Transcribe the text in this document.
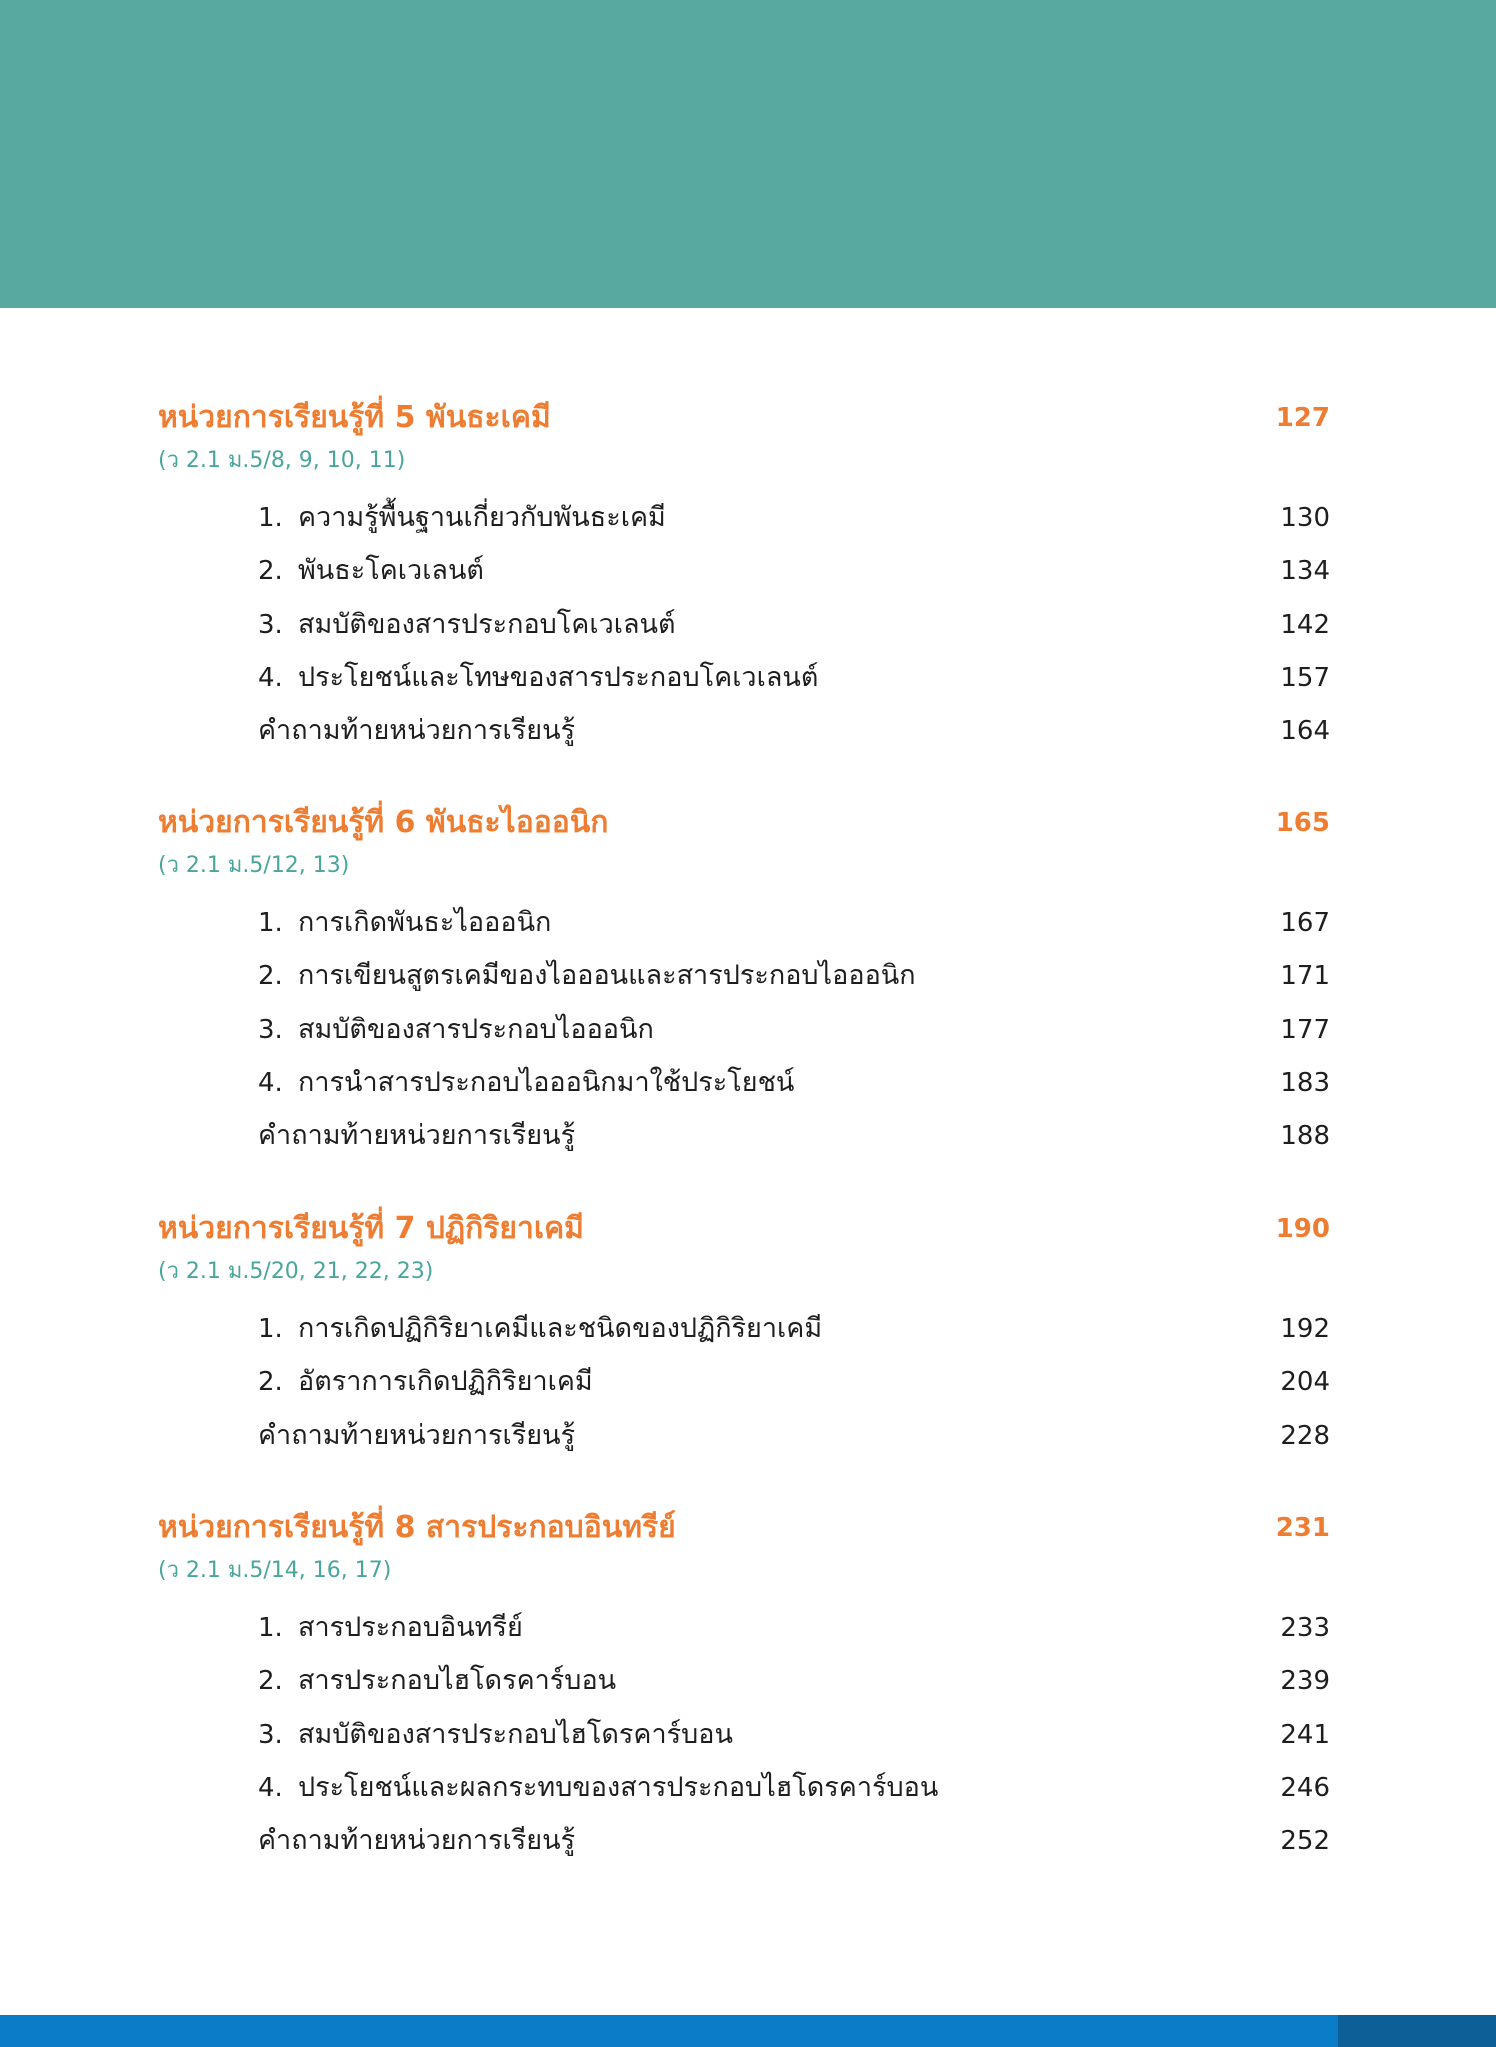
หน่วยการเรียนรู้ที่ 5 พันธะเคมี	127
(ว 2.1 ม.5/8, 9, 10, 11)
1. ความรู้พื้นฐานเกี่ยวกับพันธะเคมี	130
2. พันธะโคเวเลนต์	134
3. สมบัติของสารประกอบโคเวเลนต์	142
4. ประโยชน์และโทษของสารประกอบโคเวเลนต์	157
คำถามท้ายหน่วยการเรียนรู้	164
หน่วยการเรียนรู้ที่ 6 พันธะไอออนิก	165
(ว 2.1 ม.5/12, 13)
1. การเกิดพันธะไอออนิก	167
2. การเขียนสูตรเคมีของไอออนและสารประกอบไอออนิก	171
3. สมบัติของสารประกอบไอออนิก	177
4. การนำสารประกอบไอออนิกมาใช้ประโยชน์	183
คำถามท้ายหน่วยการเรียนรู้	188
หน่วยการเรียนรู้ที่ 7 ปฏิกิริยาเคมี	190
(ว 2.1 ม.5/20, 21, 22, 23)
1. การเกิดปฏิกิริยาเคมีและชนิดของปฏิกิริยาเคมี	192
2. อัตราการเกิดปฏิกิริยาเคมี	204
คำถามท้ายหน่วยการเรียนรู้	228
หน่วยการเรียนรู้ที่ 8 สารประกอบอินทรีย์	231
(ว 2.1 ม.5/14, 16, 17)
1. สารประกอบอินทรีย์	233
2. สารประกอบไฮโดรคาร์บอน	239
3. สมบัติของสารประกอบไฮโดรคาร์บอน	241
4. ประโยชน์และผลกระทบของสารประกอบไฮโดรคาร์บอน	246
คำถามท้ายหน่วยการเรียนรู้	252
